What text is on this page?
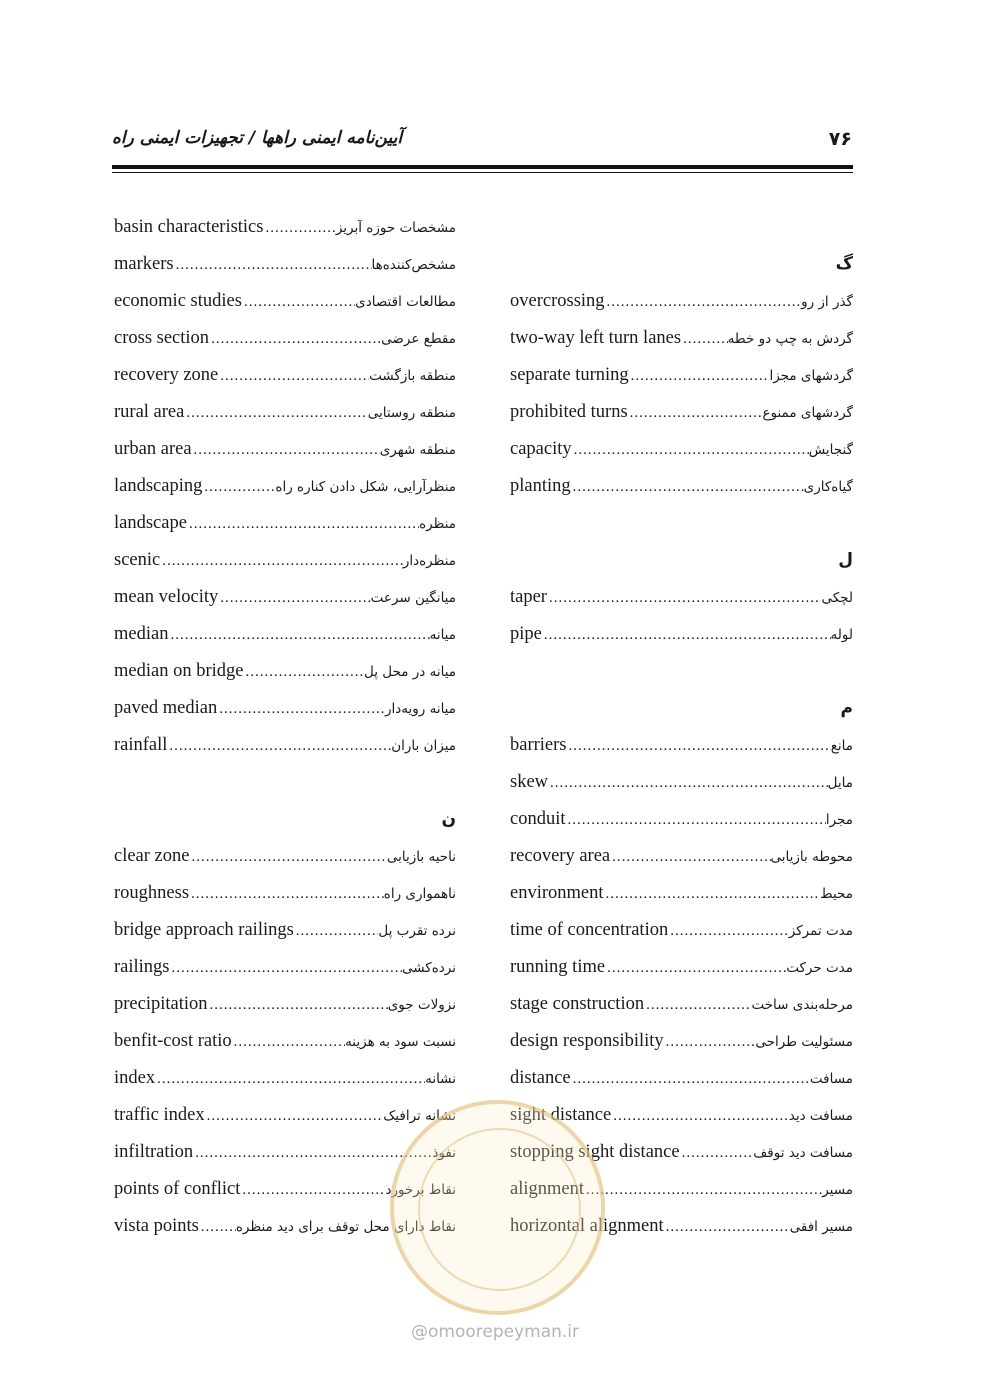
آیین‌نامه ایمنی راهها / تجهیزات ایمنی راه	۷۶
گ
overcrossing .....	گذر از رو
two-way left turn lanes .....	گردش به چپ دو خطه
separate turning .....	گردشهای مجزا
prohibited turns .....	گردشهای ممنوع
capacity .....	گنجایش
planting .....	گیاه‌کاری
ل
taper .....	لچکی
pipe .....	لوله
م
barriers .....	مانع
skew .....	مایل
conduit .....	مجرا
recovery area .....	محوطه بازیابی
environment .....	محیط
time of concentration .....	مدت تمرکز
running time .....	مدت حرکت
stage construction .....	مرحله‌بندی ساخت
design responsibility .....	مسئولیت طراحی
distance .....	مسافت
sight distance .....	مسافت دید
stopping sight distance .....	مسافت دید توقف
alignment .....	مسیر
horizontal alignment .....	مسیر افقی
basin characteristics .....	مشخصات حوزه آبریز
markers .....	مشخص‌کننده‌ها
economic studies .....	مطالعات اقتصادی
cross section .....	مقطع عرضی
recovery zone .....	منطقه بازگشت
rural area .....	منطقه روستایی
urban area .....	منطقه شهری
landscaping .....	منظرآرایی، شکل دادن کناره راه
landscape .....	منظره
scenic .....	منظره‌دار
mean velocity .....	میانگین سرعت
median .....	میانه
median on bridge .....	میانه در محل پل
paved median .....	میانه رویه‌دار
rainfall .....	میزان باران
ن
clear zone .....	ناحیه بازیابی
roughness .....	ناهمواری راه
bridge approach railings .....	نرده تقرب پل
railings .....	نرده‌کشی
precipitation .....	نزولات جوی
benfit-cost ratio .....	نسبت سود به هزینه
index .....	نشانه
traffic index .....	نشانه ترافیک
infiltration .....	نفوذ
points of conflict .....	نقاط برخورد
vista points .....	نقاط دارای محل توقف برای دید منظره
@omoorepeyman.ir
